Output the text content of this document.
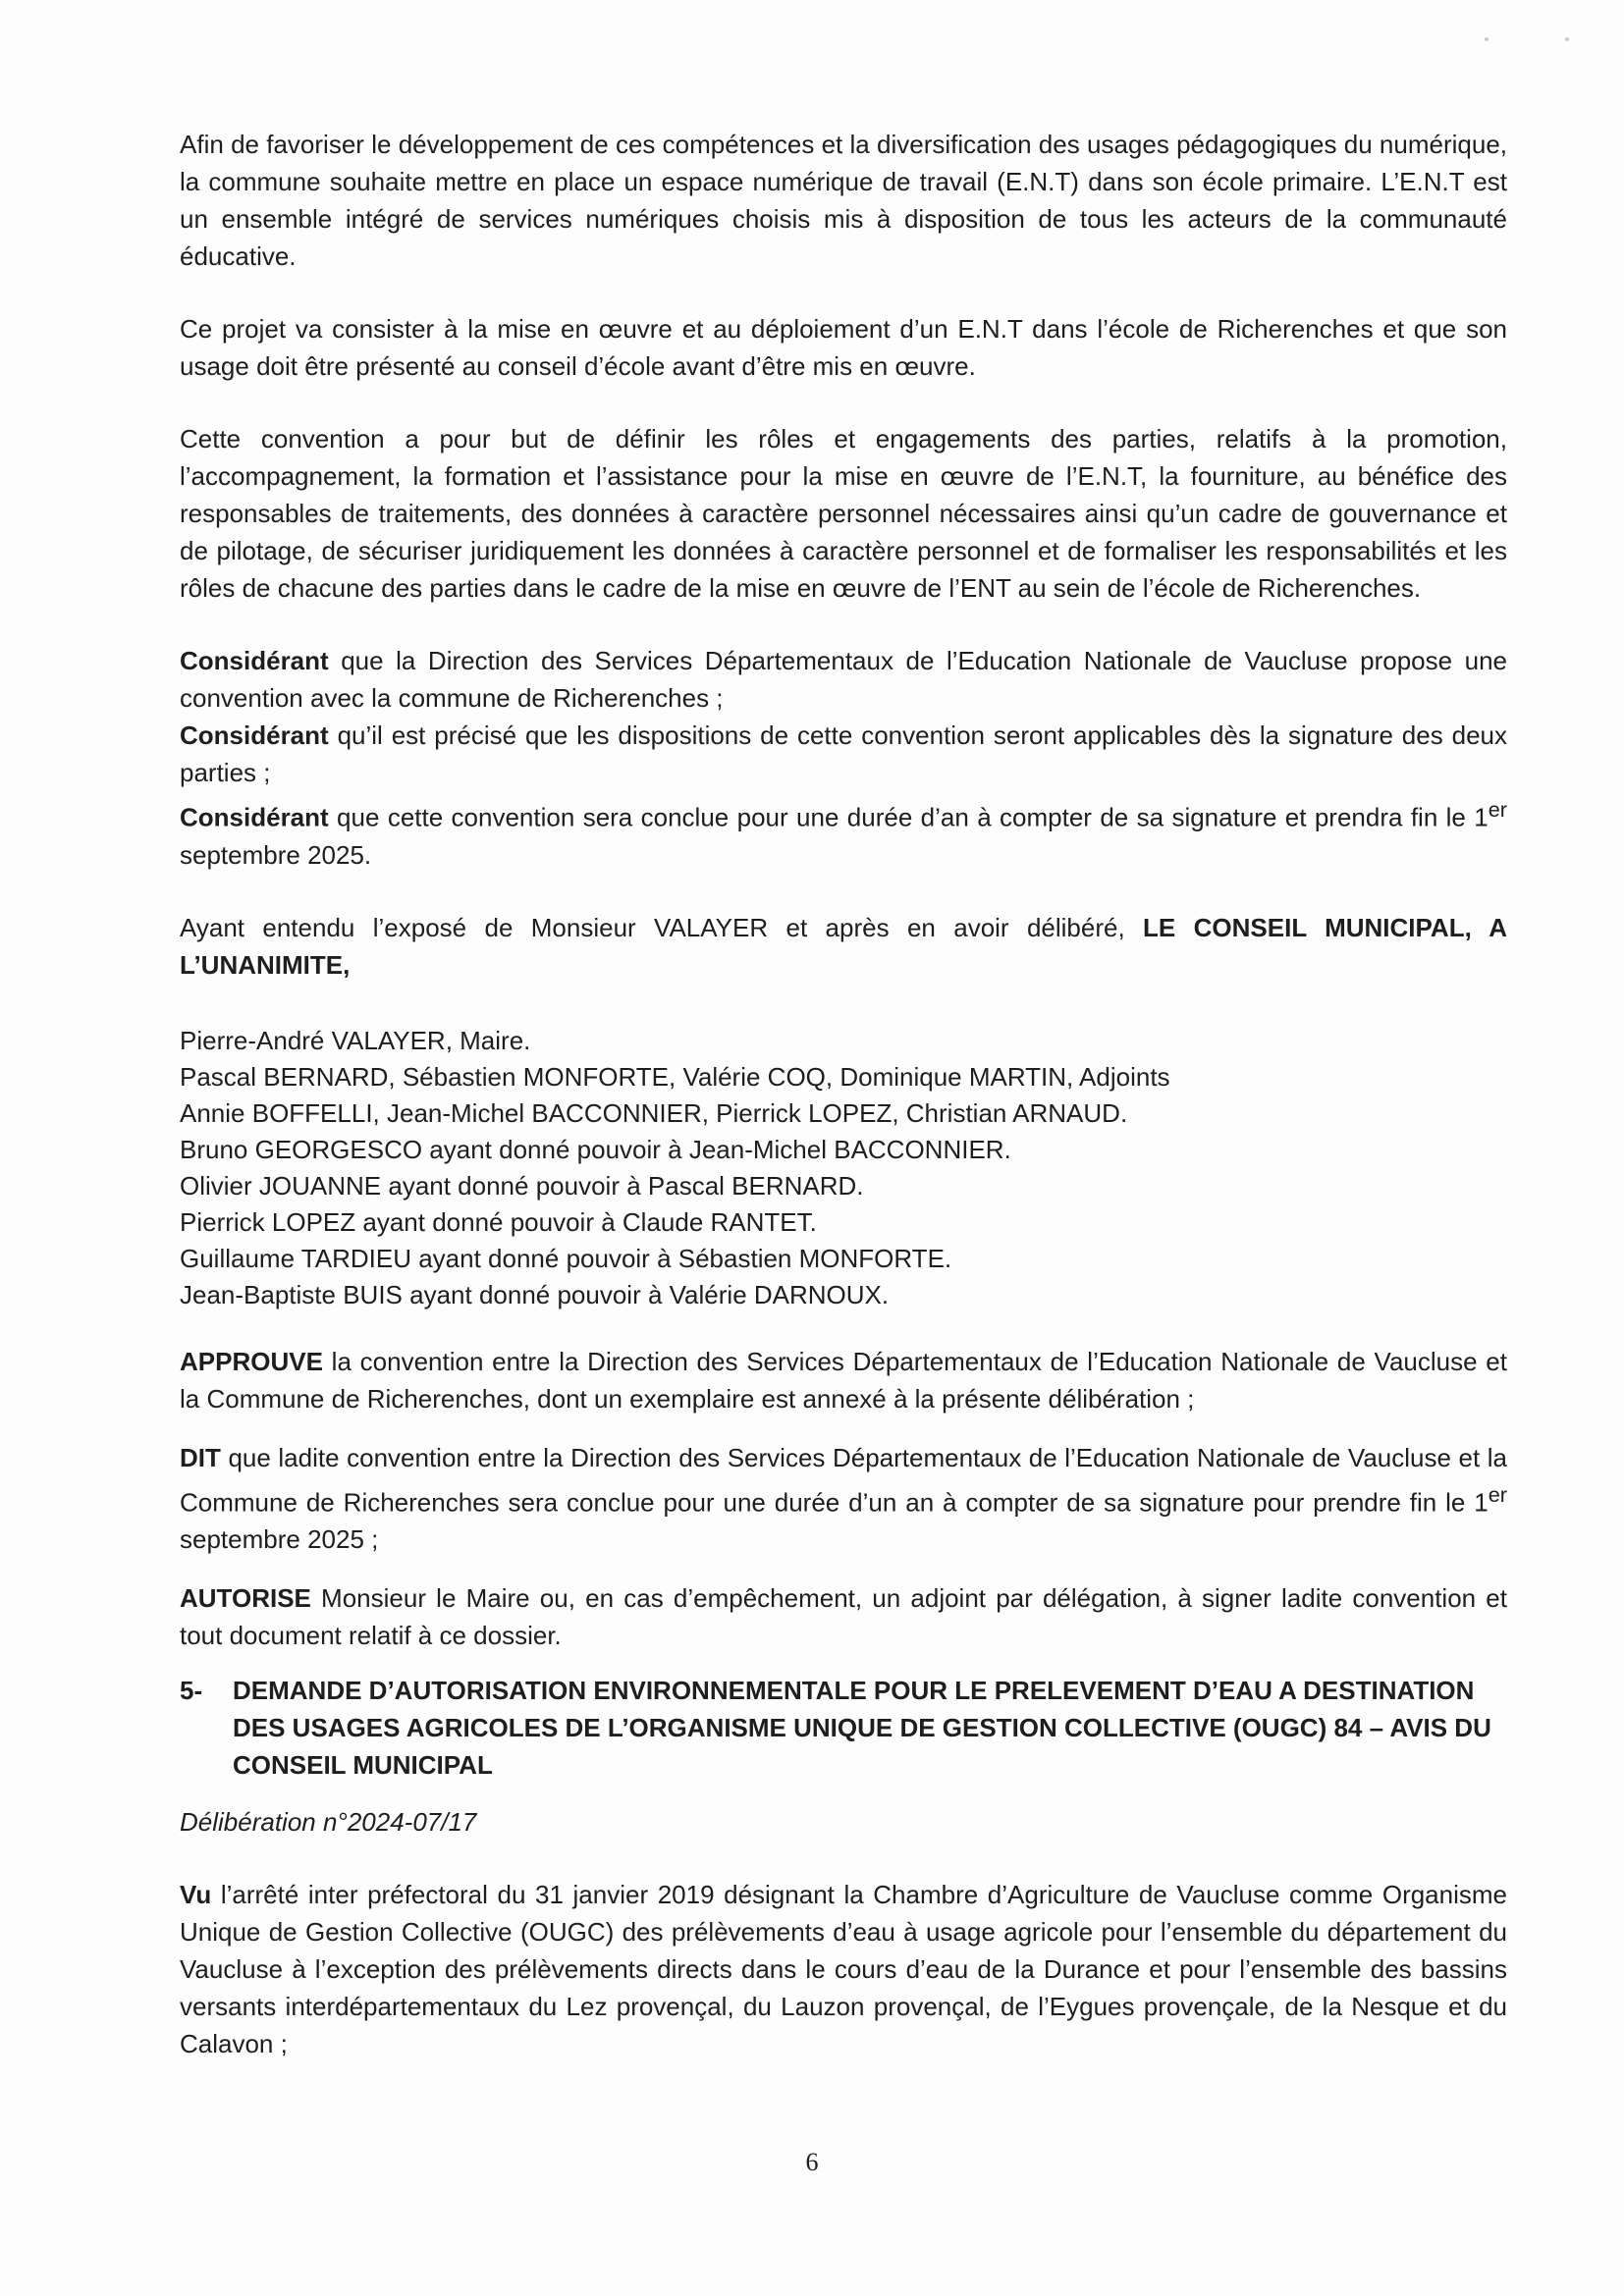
Afin de favoriser le développement de ces compétences et la diversification des usages pédagogiques du numérique, la commune souhaite mettre en place un espace numérique de travail (E.N.T) dans son école primaire. L’E.N.T est un ensemble intégré de services numériques choisis mis à disposition de tous les acteurs de la communauté éducative.

Ce projet va consister à la mise en œuvre et au déploiement d’un E.N.T dans l’école de Richerenches et que son usage doit être présenté au conseil d’école avant d’être mis en œuvre.

Cette convention a pour but de définir les rôles et engagements des parties, relatifs à la promotion, l’accompagnement, la formation et l’assistance pour la mise en œuvre de l’E.N.T, la fourniture, au bénéfice des responsables de traitements, des données à caractère personnel nécessaires ainsi qu’un cadre de gouvernance et de pilotage, de sécuriser juridiquement les données à caractère personnel et de formaliser les responsabilités et les rôles de chacune des parties dans le cadre de la mise en œuvre de l’ENT au sein de l’école de Richerenches.

Considérant que la Direction des Services Départementaux de l’Education Nationale de Vaucluse propose une convention avec la commune de Richerenches ;

Considérant qu’il est précisé que les dispositions de cette convention seront applicables dès la signature des deux parties ;

Considérant que cette convention sera conclue pour une durée d’an à compter de sa signature et prendra fin le 1er septembre 2025.

Ayant entendu l’exposé de Monsieur VALAYER et après en avoir délibéré, LE CONSEIL MUNICIPAL, A L’UNANIMITE,

Pierre-André VALAYER, Maire.

Pascal BERNARD, Sébastien MONFORTE, Valérie COQ, Dominique MARTIN, Adjoints

Annie BOFFELLI, Jean-Michel BACCONNIER, Pierrick LOPEZ, Christian ARNAUD.

Bruno GEORGESCO ayant donné pouvoir à Jean-Michel BACCONNIER.

Olivier JOUANNE ayant donné pouvoir à Pascal BERNARD.

Pierrick LOPEZ ayant donné pouvoir à Claude RANTET.

Guillaume TARDIEU ayant donné pouvoir à Sébastien MONFORTE.

Jean-Baptiste BUIS ayant donné pouvoir à Valérie DARNOUX.

APPROUVE la convention entre la Direction des Services Départementaux de l’Education Nationale de Vaucluse et la Commune de Richerenches, dont un exemplaire est annexé à la présente délibération ;

DIT que ladite convention entre la Direction des Services Départementaux de l’Education Nationale de Vaucluse et la Commune de Richerenches sera conclue pour une durée d’un an à compter de sa signature pour prendre fin le 1er septembre 2025 ;

AUTORISE Monsieur le Maire ou, en cas d’empêchement, un adjoint par délégation, à signer ladite convention et tout document relatif à ce dossier.

5-	DEMANDE D’AUTORISATION ENVIRONNEMENTALE POUR LE PRELEVEMENT D’EAU A DESTINATION DES USAGES AGRICOLES DE L’ORGANISME UNIQUE DE GESTION COLLECTIVE (OUGC) 84 – AVIS DU CONSEIL MUNICIPAL

Délibération n°2024-07/17

Vu l’arrêté inter préfectoral du 31 janvier 2019 désignant la Chambre d’Agriculture de Vaucluse comme Organisme Unique de Gestion Collective (OUGC) des prélèvements d’eau à usage agricole pour l’ensemble du département du Vaucluse à l’exception des prélèvements directs dans le cours d’eau de la Durance et pour l’ensemble des bassins versants interdépartementaux du Lez provençal, du Lauzon provençal, de l’Eygues provençale, de la Nesque et du Calavon ;

6
